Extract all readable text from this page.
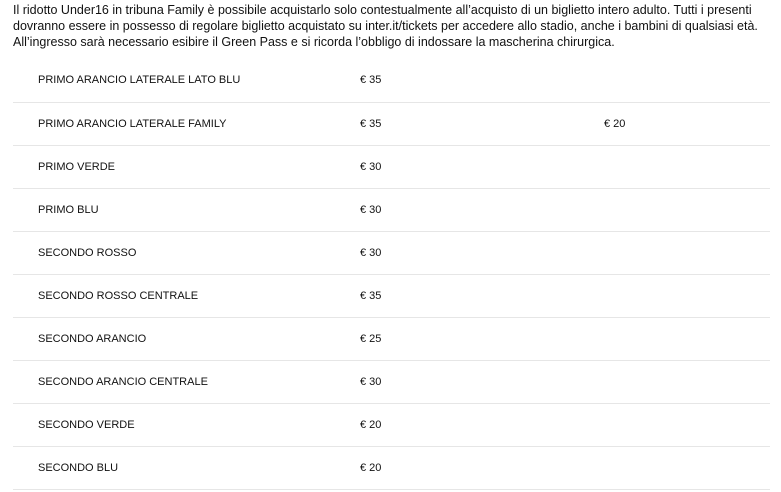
Il ridotto Under16 in tribuna Family è possibile acquistarlo solo contestualmente all’acquisto di un biglietto intero adulto. Tutti i presenti

dovranno essere in possesso di regolare biglietto acquistato su inter.it/tickets per accedere allo stadio, anche i bambini di qualsiasi età.

All’ingresso sarà necessario esibire il Green Pass e si ricorda l’obbligo di indossare la mascherina chirurgica.

PRIMO ARANCIO LATERALE LATO BLU	€ 35	
PRIMO ARANCIO LATERALE FAMILY	€ 35	€ 20
PRIMO VERDE	€ 30	
PRIMO BLU	€ 30	
SECONDO ROSSO	€ 30	
SECONDO ROSSO CENTRALE	€ 35	
SECONDO ARANCIO	€ 25	
SECONDO ARANCIO CENTRALE	€ 30	
SECONDO VERDE	€ 20	
SECONDO BLU	€ 20	
